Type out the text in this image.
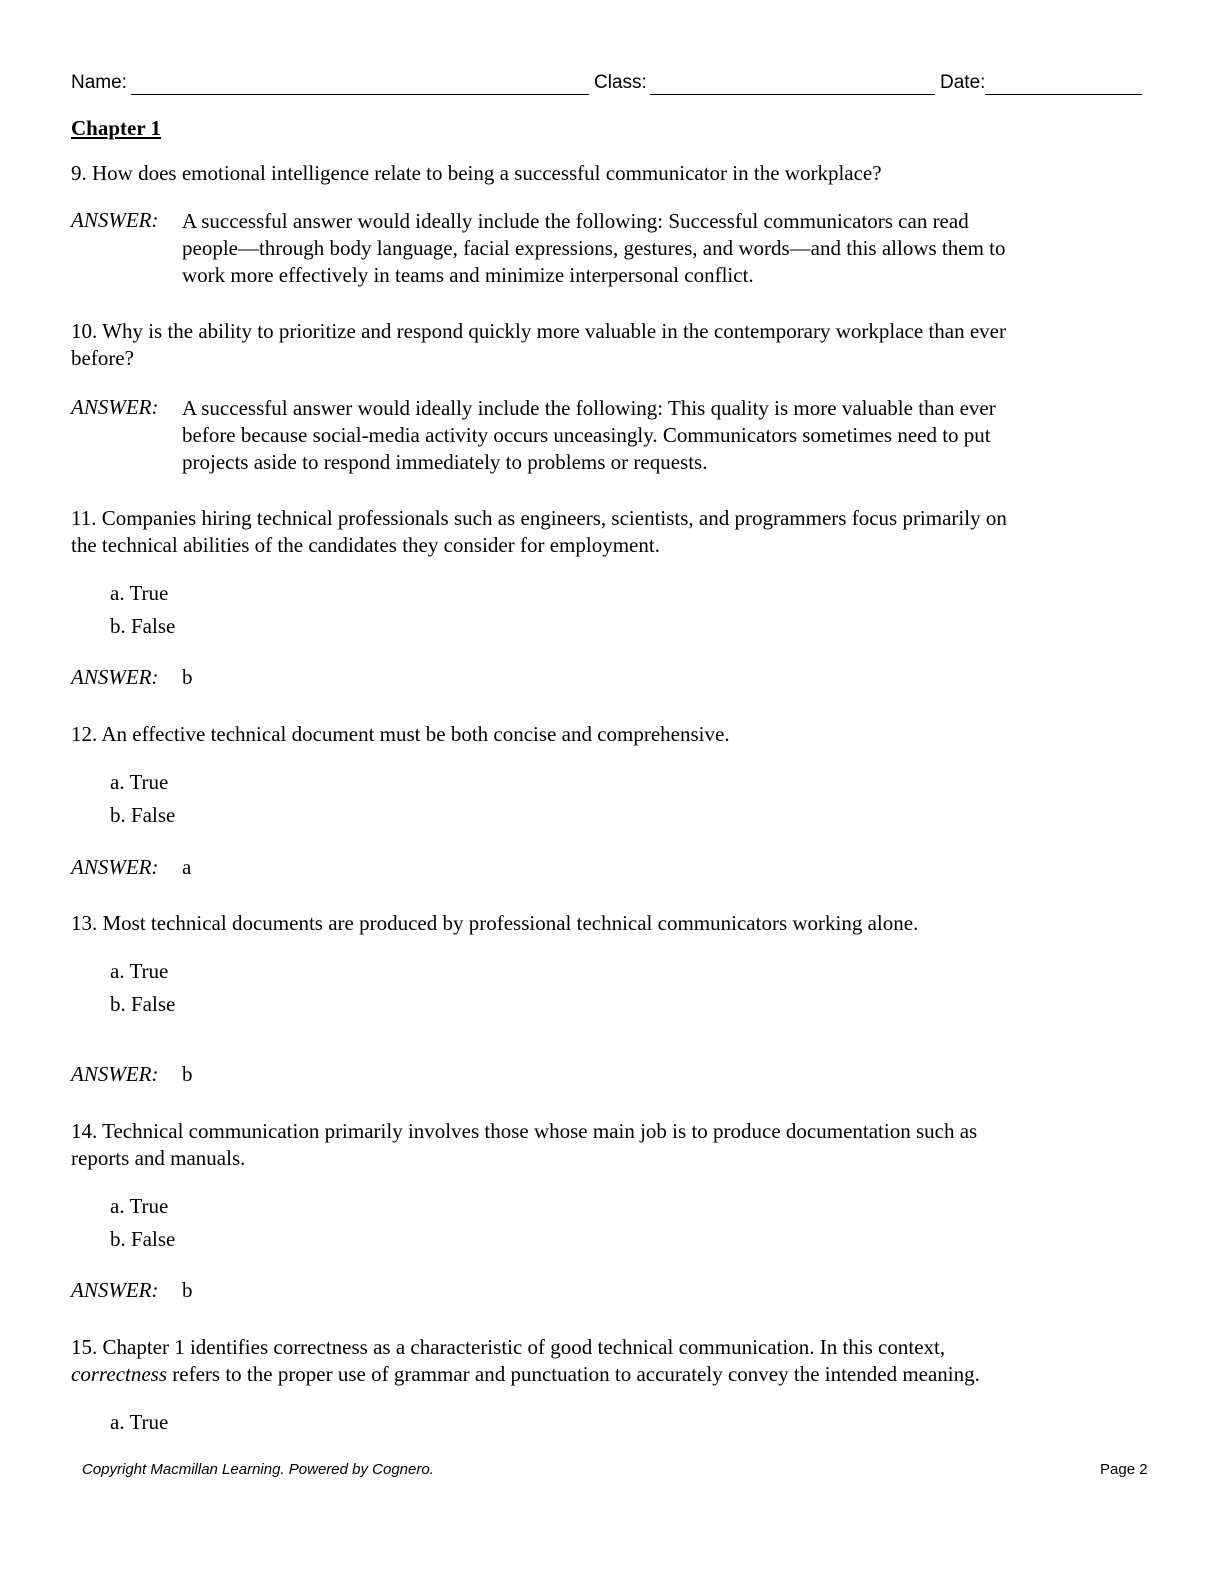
Name:	Class:	Date:
Chapter 1
9. How does emotional intelligence relate to being a successful communicator in the workplace?
ANSWER: A successful answer would ideally include the following: Successful communicators can read
people—through body language, facial expressions, gestures, and words—and this allows them to
work more effectively in teams and minimize interpersonal conflict.
10. Why is the ability to prioritize and respond quickly more valuable in the contemporary workplace than ever
before?
ANSWER: A successful answer would ideally include the following: This quality is more valuable than ever
before because social-media activity occurs unceasingly. Communicators sometimes need to put
projects aside to respond immediately to problems or requests.
11. Companies hiring technical professionals such as engineers, scientists, and programmers focus primarily on
the technical abilities of the candidates they consider for employment.
a. True
b. False
ANSWER: b
12. An effective technical document must be both concise and comprehensive.
a. True
b. False
ANSWER: a
13. Most technical documents are produced by professional technical communicators working alone.
a. True
b. False
ANSWER: b
14. Technical communication primarily involves those whose main job is to produce documentation such as
reports and manuals.
a. True
b. False
ANSWER: b
15. Chapter 1 identifies correctness as a characteristic of good technical communication. In this context,
correctness refers to the proper use of grammar and punctuation to accurately convey the intended meaning.
a. True
Copyright Macmillan Learning. Powered by Cognero.	Page 2
